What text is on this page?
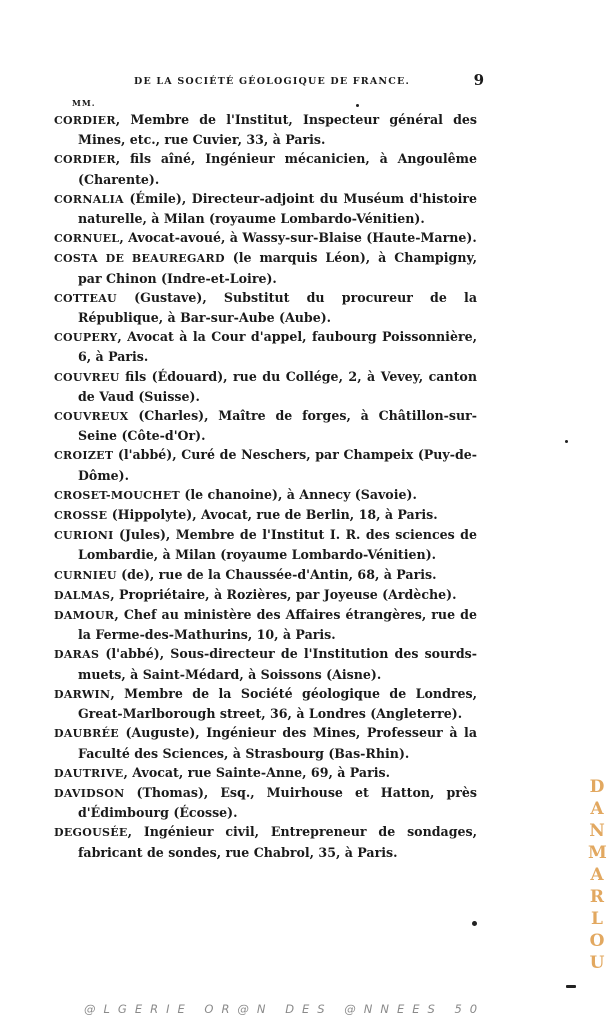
DE LA SOCIÉTÉ GÉOLOGIQUE DE FRANCE.	9
MM.

CORDIER, Membre de l'Institut, Inspecteur général des Mines, etc., rue Cuvier, 33, à Paris.

CORDIER, fils aîné, Ingénieur mécanicien, à Angoulême (Charente).

CORNALIA (Émile), Directeur-adjoint du Muséum d'histoire naturelle, à Milan (royaume Lombardo-Vénitien).

CORNUEL, Avocat-avoué, à Wassy-sur-Blaise (Haute-Marne).

COSTA DE BEAUREGARD (le marquis Léon), à Champigny, par Chinon (Indre-et-Loire).

COTTEAU (Gustave), Substitut du procureur de la République, à Bar-sur-Aube (Aube).

COUPERY, Avocat à la Cour d'appel, faubourg Poissonnière, 6, à Paris.

COUVREU fils (Édouard), rue du Collége, 2, à Vevey, canton de Vaud (Suisse).

COUVREUX (Charles), Maître de forges, à Châtillon-sur-Seine (Côte-d'Or).

CROIZET (l'abbé), Curé de Neschers, par Champeix (Puy-de-Dôme).

CROSET-MOUCHET (le chanoine), à Annecy (Savoie).

CROSSE (Hippolyte), Avocat, rue de Berlin, 18, à Paris.

CURIONI (Jules), Membre de l'Institut I. R. des sciences de Lombardie, à Milan (royaume Lombardo-Vénitien).

CURNIEU (de), rue de la Chaussée-d'Antin, 68, à Paris.

DALMAS, Propriétaire, à Rozières, par Joyeuse (Ardèche).

DAMOUR, Chef au ministère des Affaires étrangères, rue de la Ferme-des-Mathurins, 10, à Paris.

DARAS (l'abbé), Sous-directeur de l'Institution des sourds-muets, à Saint-Médard, à Soissons (Aisne).

DARWIN, Membre de la Société géologique de Londres, Great-Marlborough street, 36, à Londres (Angleterre).

DAUBRÉE (Auguste), Ingénieur des Mines, Professeur à la Faculté des Sciences, à Strasbourg (Bas-Rhin).

DAUTRIVE, Avocat, rue Sainte-Anne, 69, à Paris.

DAVIDSON (Thomas), Esq., Muirhouse et Hatton, près d'Édimbourg (Écosse).

DEGOUSÉE, Ingénieur civil, Entrepreneur de sondages, fabricant de sondes, rue Chabrol, 35, à Paris.

DANMARLOU
@LGERIE OR@N DES @NNEES 50
